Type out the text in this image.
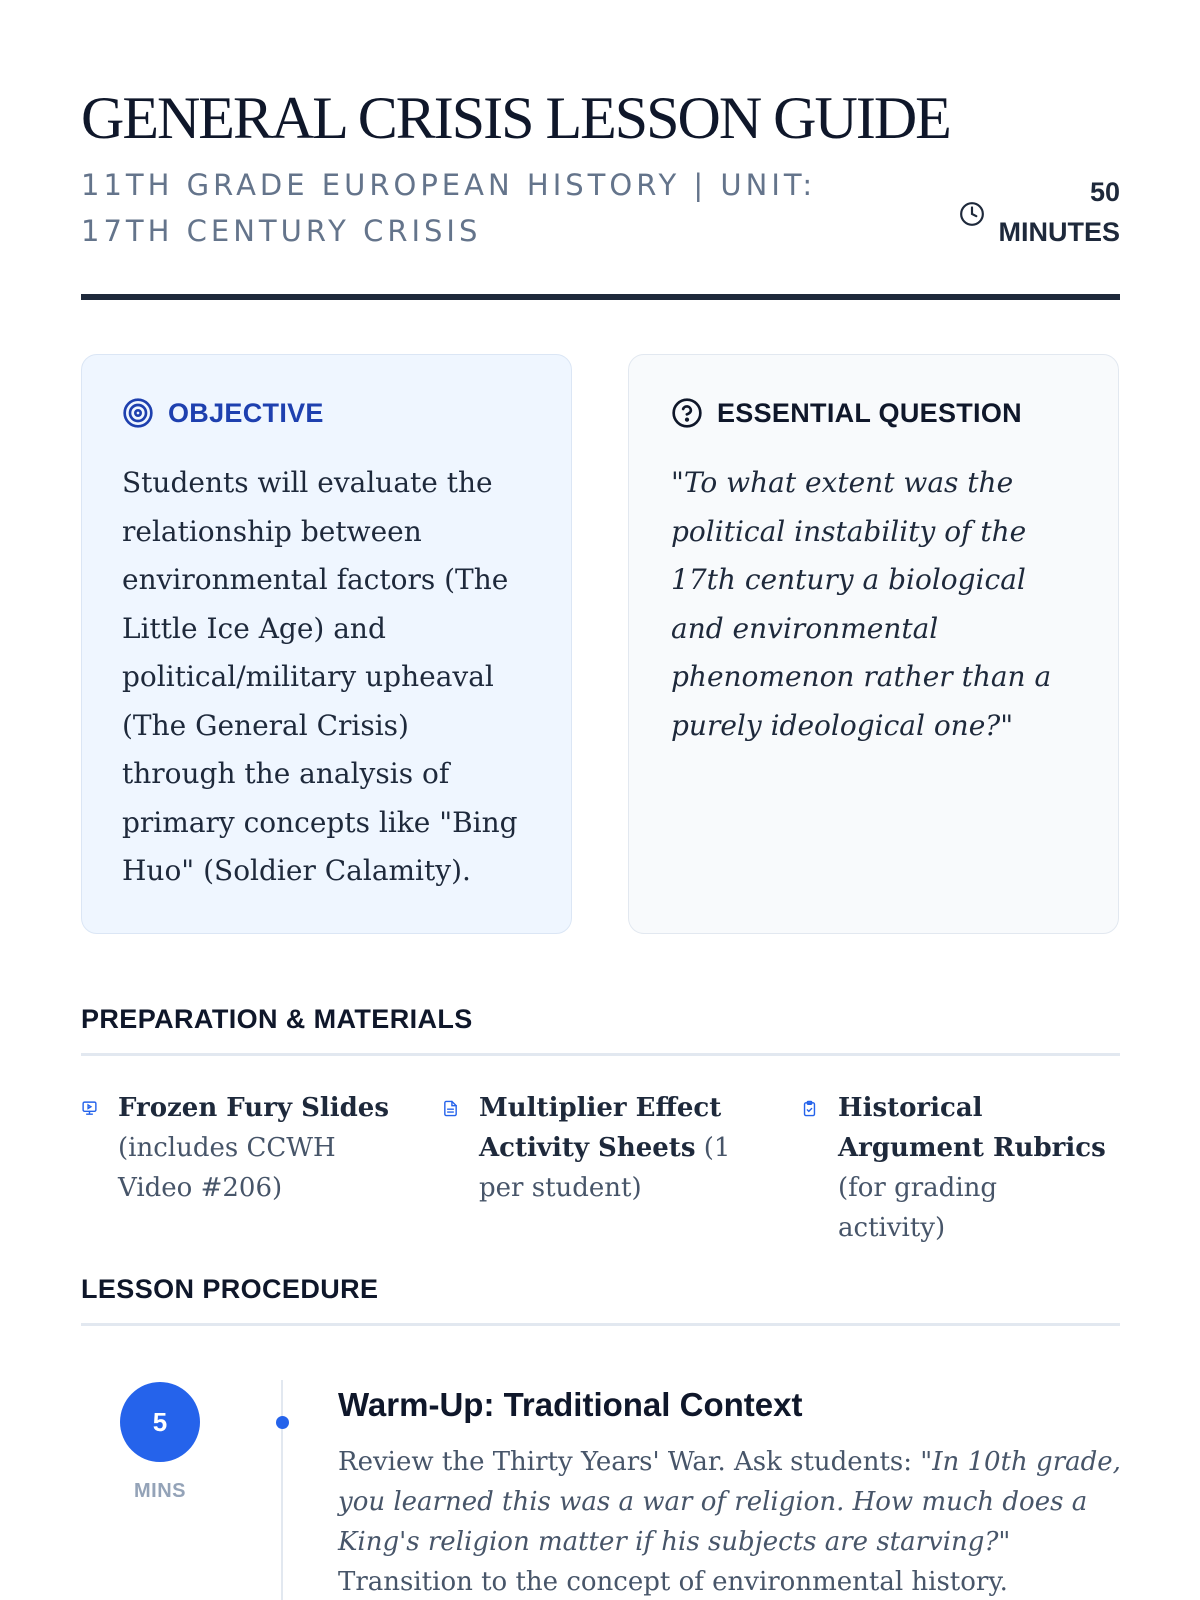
GENERAL CRISIS LESSON GUIDE
11TH GRADE EUROPEAN HISTORY | UNIT: 17TH CENTURY CRISIS
50
MINUTES
OBJECTIVE
Students will evaluate the relationship between environmental factors (The Little Ice Age) and political/military upheaval (The General Crisis) through the analysis of primary concepts like "Bing Huo" (Soldier Calamity).
ESSENTIAL QUESTION
"To what extent was the political instability of the 17th century a biological and environmental phenomenon rather than a purely ideological one?"
PREPARATION & MATERIALS
Frozen Fury Slides (includes CCWH Video #206)
Multiplier Effect Activity Sheets (1 per student)
Historical Argument Rubrics (for grading activity)
LESSON PROCEDURE
5
MINS
Warm-Up: Traditional Context
Review the Thirty Years' War. Ask students: "In 10th grade, you learned this was a war of religion. How much does a King's religion matter if his subjects are starving?" Transition to the concept of environmental history.
